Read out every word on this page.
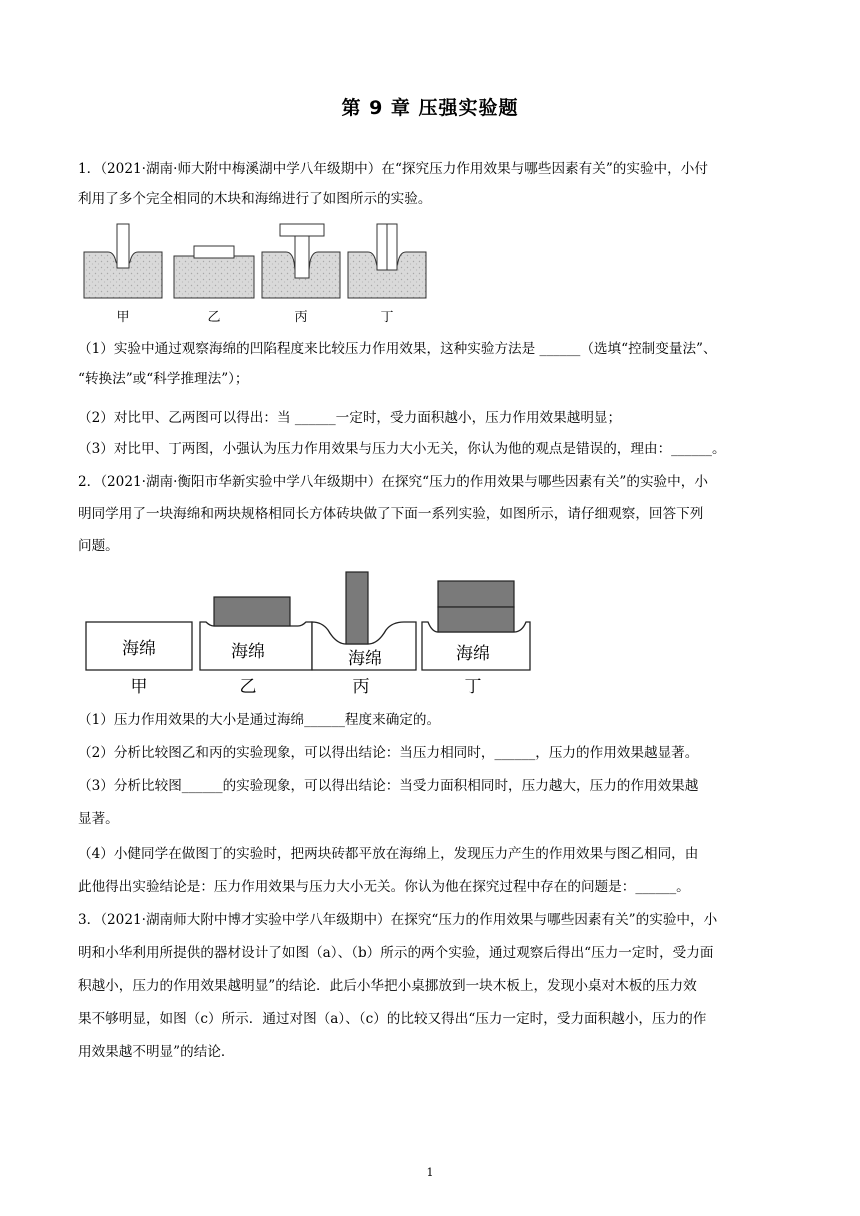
第 9 章 压强实验题
1．（2021·湖南·师大附中梅溪湖中学八年级期中）在“探究压力作用效果与哪些因素有关”的实验中，小付
利用了多个完全相同的木块和海绵进行了如图所示的实验。
甲	乙	丙	丁
（1）实验中通过观察海绵的凹陷程度来比较压力作用效果，这种实验方法是 ______（选填“控制变量法”、
“转换法”或“科学推理法”）；
（2）对比甲、乙两图可以得出：当 ______一定时，受力面积越小，压力作用效果越明显；
（3）对比甲、丁两图，小强认为压力作用效果与压力大小无关，你认为他的观点是错误的，理由：______。
2．（2021·湖南·衡阳市华新实验中学八年级期中）在探究“压力的作用效果与哪些因素有关”的实验中，小
明同学用了一块海绵和两块规格相同长方体砖块做了下面一系列实验，如图所示，请仔细观察，回答下列
问题。
海绵	海绵	海绵	海绵
甲	乙	丙	丁
（1）压力作用效果的大小是通过海绵______程度来确定的。
（2）分析比较图乙和丙的实验现象，可以得出结论：当压力相同时，______，压力的作用效果越显著。
（3）分析比较图______的实验现象，可以得出结论：当受力面积相同时，压力越大，压力的作用效果越
显著。
（4）小健同学在做图丁的实验时，把两块砖都平放在海绵上，发现压力产生的作用效果与图乙相同，由
此他得出实验结论是：压力作用效果与压力大小无关。你认为他在探究过程中存在的问题是：______。
3．（2021·湖南师大附中博才实验中学八年级期中）在探究“压力的作用效果与哪些因素有关”的实验中，小
明和小华利用所提供的器材设计了如图（a）、（b）所示的两个实验，通过观察后得出“压力一定时，受力面
积越小，压力的作用效果越明显”的结论．此后小华把小桌挪放到一块木板上，发现小桌对木板的压力效
果不够明显，如图（c）所示．通过对图（a）、（c）的比较又得出“压力一定时，受力面积越小，压力的作
用效果越不明显”的结论．
1
